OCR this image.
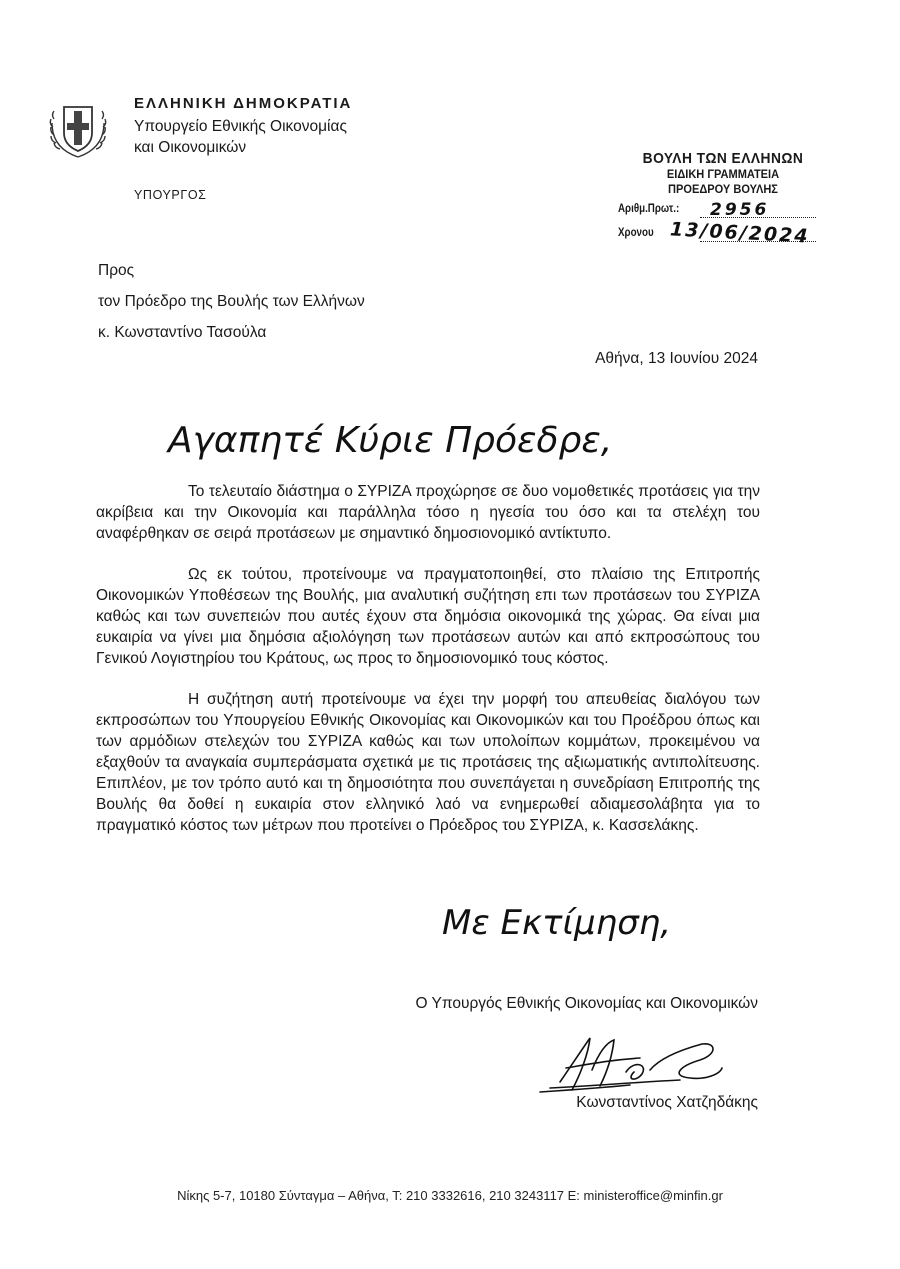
ΕΛΛΗΝΙΚΗ ΔΗΜΟΚΡΑΤΙΑ
Υπουργείο Εθνικής Οικονομίας
και Οικονομικών
ΥΠΟΥΡΓΟΣ
ΒΟΥΛΗ ΤΩΝ ΕΛΛΗΝΩΝ
ΕΙΔΙΚΗ ΓΡΑΜΜΑΤΕΙΑ
ΠΡΟΕΔΡΟΥ ΒΟΥΛΗΣ
Αριθμ.Πρωτ.: 2956
Χρονου 13/06/2024
Προς
τον Πρόεδρο της Βουλής των Ελλήνων
κ. Κωνσταντίνο Τασούλα
Αθήνα, 13 Ιουνίου 2024
Αγαπητέ Κύριε Πρόεδρε,

Το τελευταίο διάστημα ο ΣΥΡΙΖΑ προχώρησε σε δυο νομοθετικές προτάσεις για την ακρίβεια και την Οικονομία και παράλληλα τόσο η ηγεσία του όσο και τα στελέχη του αναφέρθηκαν σε σειρά προτάσεων με σημαντικό δημοσιονομικό αντίκτυπο.

Ως εκ τούτου, προτείνουμε να πραγματοποιηθεί, στο πλαίσιο της Επιτροπής Οικονομικών Υποθέσεων της Βουλής, μια αναλυτική συζήτηση επι των προτάσεων του ΣΥΡΙΖΑ καθώς και των συνεπειών που αυτές έχουν στα δημόσια οικονομικά της χώρας. Θα είναι μια ευκαιρία να γίνει μια δημόσια αξιολόγηση των προτάσεων αυτών και από εκπροσώπους του Γενικού Λογιστηρίου του Κράτους, ως προς το δημοσιονομικό τους κόστος.

Η συζήτηση αυτή προτείνουμε να έχει την μορφή του απευθείας διαλόγου των εκπροσώπων του Υπουργείου Εθνικής Οικονομίας και Οικονομικών και του Προέδρου όπως και των αρμόδιων στελεχών του ΣΥΡΙΖΑ καθώς και των υπολοίπων κομμάτων, προκειμένου να εξαχθούν τα αναγκαία συμπεράσματα σχετικά με τις προτάσεις της αξιωματικής αντιπολίτευσης. Επιπλέον, με τον τρόπο αυτό και τη δημοσιότητα που συνεπάγεται η συνεδρίαση Επιτροπής της Βουλής θα δοθεί η ευκαιρία στον ελληνικό λαό να ενημερωθεί αδιαμεσολάβητα για το πραγματικό κόστος των μέτρων που προτείνει ο Πρόεδρος του ΣΥΡΙΖΑ, κ. Κασσελάκης.

Με Εκτίμηση,
Ο Υπουργός Εθνικής Οικονομίας και Οικονομικών
Κωνσταντίνος Χατζηδάκης
Νίκης 5-7, 10180 Σύνταγμα – Αθήνα, Τ: 210 3332616, 210 3243117 Ε: ministeroffice@minfin.gr
